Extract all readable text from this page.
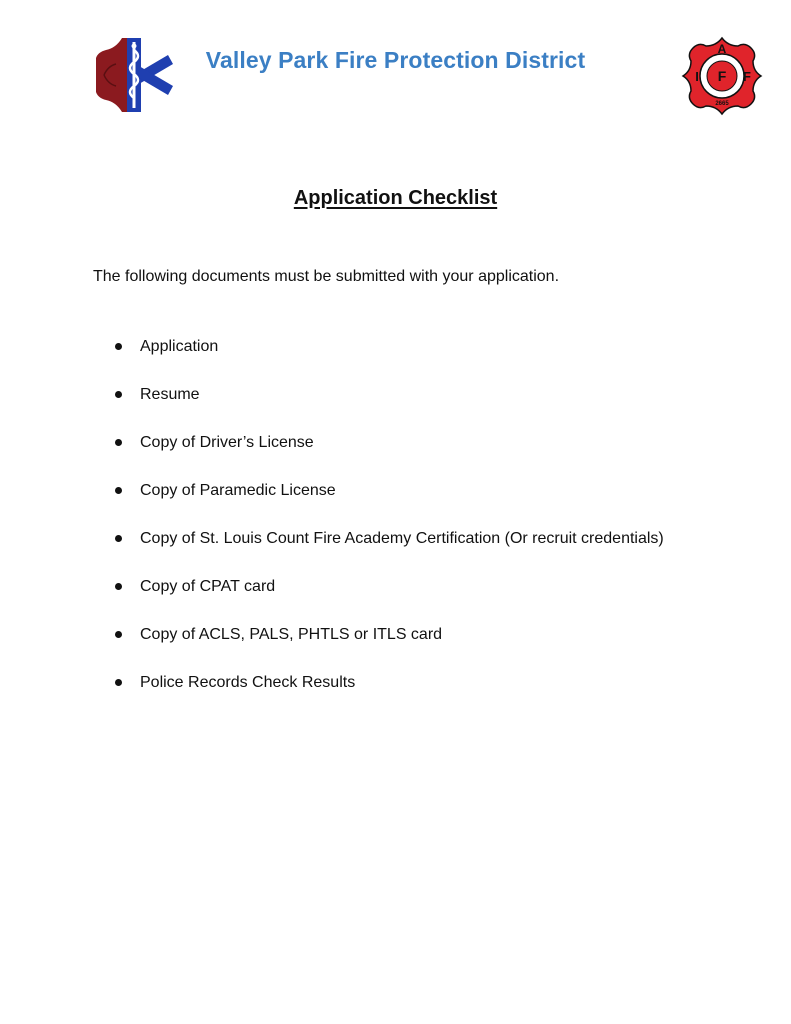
Valley Park Fire Protection District	A
I	F
F
2665
Application Checklist
The following documents must be submitted with your application.
Application
Resume
Copy of Driver’s License
Copy of Paramedic License
Copy of St. Louis Count Fire Academy Certification (Or recruit credentials)
Copy of CPAT card
Copy of ACLS, PALS, PHTLS or ITLS card
Police Records Check Results
